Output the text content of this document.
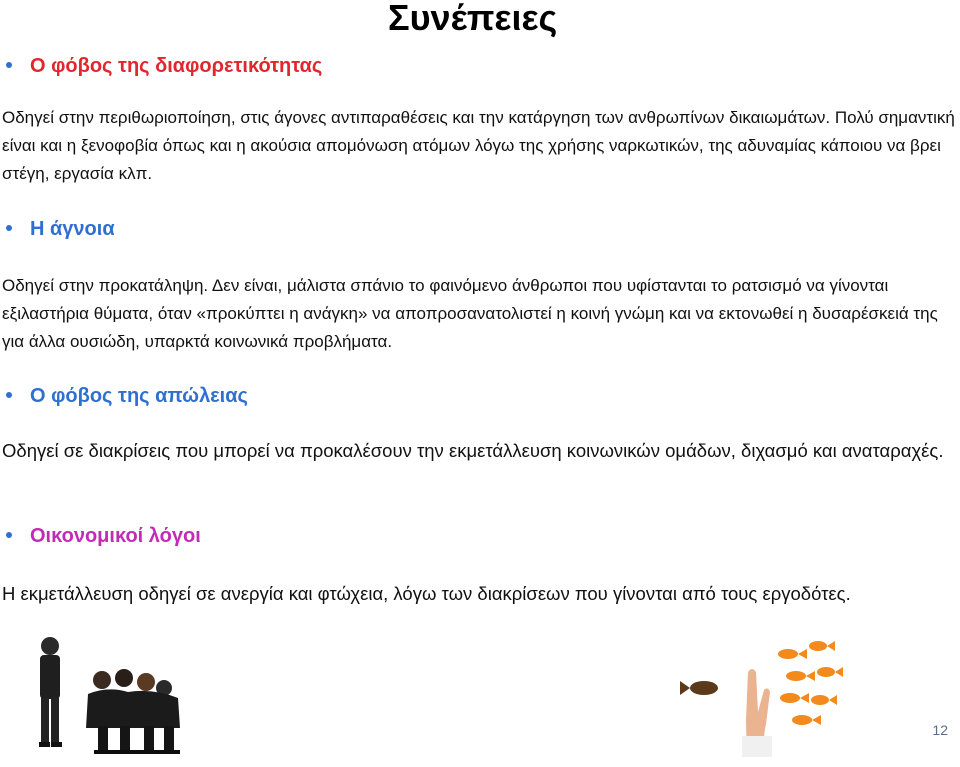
Συνέπειες
Ο φόβος της διαφορετικότητας

Οδηγεί στην περιθωριοποίηση, στις άγονες αντιπαραθέσεις και την κατάργηση των ανθρωπίνων δικαιωμάτων. Πολύ σημαντική είναι και η ξενοφοβία όπως και η ακούσια απομόνωση ατόμων λόγω της χρήσης ναρκωτικών, της αδυναμίας κάποιου να βρει στέγη, εργασία κλπ.

Η άγνοια

Οδηγεί στην προκατάληψη. Δεν είναι, μάλιστα σπάνιο το φαινόμενο άνθρωποι που υφίστανται το ρατσισμό να γίνονται εξιλαστήρια θύματα, όταν «προκύπτει η ανάγκη» να αποπροσανατολιστεί η κοινή γνώμη και να εκτονωθεί η δυσαρέσκειά της για άλλα ουσιώδη, υπαρκτά κοινωνικά προβλήματα.

Ο φόβος της απώλειας

Οδηγεί σε διακρίσεις που μπορεί να προκαλέσουν την εκμετάλλευση κοινωνικών ομάδων, διχασμό και αναταραχές.

Οικονομικοί λόγοι

Η εκμετάλλευση οδηγεί σε ανεργία και φτώχεια, λόγω των διακρίσεων που γίνονται από τους εργοδότες.

12
